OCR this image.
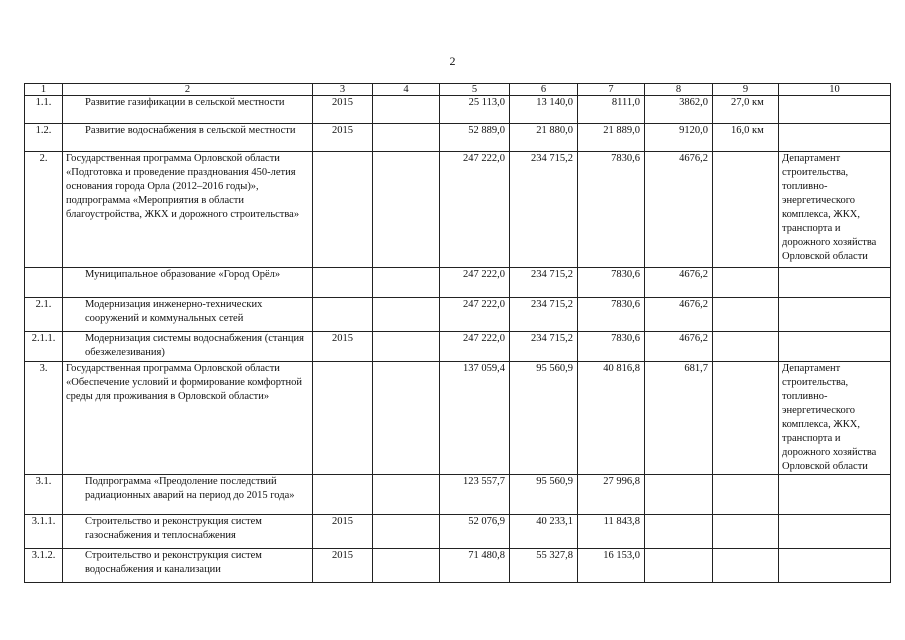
2
1	2	3	4	5	6	7	8	9	10
1.1.	Развитие газификации в сельской местности	2015		25 113,0	13 140,0	8111,0	3862,0	27,0 км	
1.2.	Развитие водоснабжения в сельской местности	2015		52 889,0	21 880,0	21 889,0	9120,0	16,0 км	
2.	Государственная программа Орловской области «Подготовка и проведение празднования 450-летия основания города Орла (2012–2016 годы)», подпрограмма «Мероприятия в области благоустройства, ЖКХ и дорожного строительства»			247 222,0	234 715,2	7830,6	4676,2		Департамент строительства, топливно-энергетического комплекса, ЖКХ, транспорта и дорожного хозяйства Орловской области
	Муниципальное образование «Город Орёл»			247 222,0	234 715,2	7830,6	4676,2		
2.1.	Модернизация инженерно-технических сооружений и коммунальных сетей			247 222,0	234 715,2	7830,6	4676,2		
2.1.1.	Модернизация системы водоснабжения (станция обезжелезивания)	2015		247 222,0	234 715,2	7830,6	4676,2		
3.	Государственная программа Орловской области «Обеспечение условий и формирование комфортной среды для проживания в Орловской области»			137 059,4	95 560,9	40 816,8	681,7		Департамент строительства, топливно-энергетического комплекса, ЖКХ, транспорта и дорожного хозяйства Орловской области
3.1.	Подпрограмма «Преодоление последствий радиационных аварий на период до 2015 года»			123 557,7	95 560,9	27 996,8			
3.1.1.	Строительство и реконструкция систем газоснабжения и теплоснабжения	2015		52 076,9	40 233,1	11 843,8			
3.1.2.	Строительство и реконструкция систем водоснабжения и канализации	2015		71 480,8	55 327,8	16 153,0			
